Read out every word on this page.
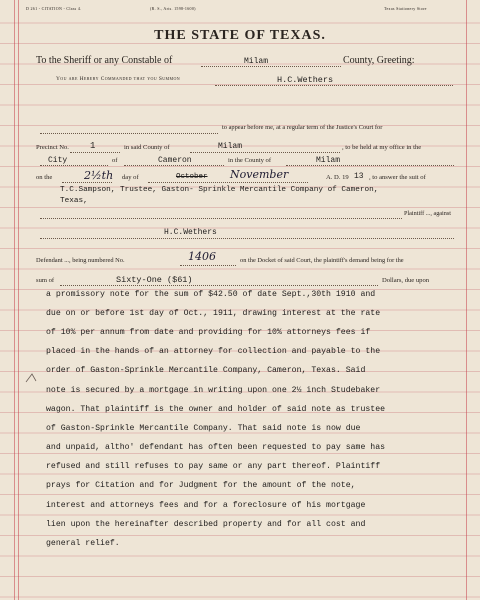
D 261 - CITATION - Class 4.	(R. S., Arts. 1598-1600)	Texas Stationery Store
THE STATE OF TEXAS.
To the Sheriff or any Constable of	Milam	County, Greeting:
You are Hereby Commanded that you Summon	H.C.Wethers
to appear before me, at a regular term of the Justice's Court for
Precinct No. 1	in said County of	Milam	, to be held at my office in the
City	of	Cameron	in the County of	Milam
on the	2½th day of	October November	A. D. 19 13 , to answer the suit of
T.C.Sampson, Trustee, Gaston- Sprinkle Mercantile Company of Cameron,
Texas,
Plaintiff ..., against
H.C.Wethers
Defendant ..., being numbered No.	1406	on the Docket of said Court, the plaintiff's demand being for the
sum of	Sixty-One ($61)	Dollars, due upon
a promissory note for the sum of $42.50 of date Sept.,30th 1910 and
due on or before 1st day of Oct., 1911, drawing interest at the rate
of 10% per annum from date and providing for 10% attorneys fees if
placed in the hands of an attorney for collection and payable to the
order of Gaston-Sprinkle Mercantile Company, Cameron, Texas. Said
note is secured by a mortgage in writing upon one 2½ inch Studebaker
wagon. That plaintiff is the owner and holder of said note as trustee
of Gaston-Sprinkle Mercantile Company. That said note is now due
and unpaid, altho' defendant has often been requested to pay same has
refused and still refuses to pay same or any part thereof. Plaintiff
prays for Citation and for Judgment for the amount of the note,
interest and attorneys fees and for a foreclosure of his mortgage
lien upon the hereinafter described property and for all cost and
general relief.
